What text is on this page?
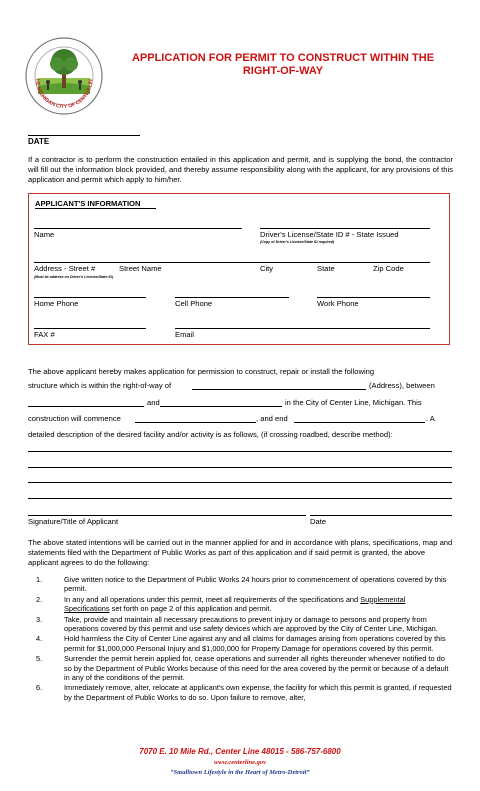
HE MICHIGAN CITY OF CENTER LIN
APPLICATION FOR PERMIT TO CONSTRUCT WITHIN THE
RIGHT-OF-WAY
DATE
If a contractor is to perform the construction entailed in this application and permit, and is supplying the bond, the contractor will fill out the information block provided, and thereby assume responsibility along with the applicant, for any provisions of this application and permit which apply to him/her.
APPLICANT'S INFORMATION
Name	Driver's License/State ID # - State Issued
(Copy of Driver's License/State ID required)
Address - Street #	Street Name	City	State	Zip Code
(Must be address on Driver's License/State ID)
Home Phone	Cell Phone	Work Phone
FAX #	Email
The above applicant hereby makes application for permission to construct, repair or install the following
structure which is within the right-of-way of	(Address), between
and	in the City of Center Line, Michigan. This
construction will commence	, and end	. A
detailed description of the desired facility and/or activity is as follows, (if crossing roadbed, describe method):
Signature/Title of Applicant	Date
The above stated intentions will be carried out in the manner applied for and in accordance with plans, specifications, map and statements filed with the Department of Public Works as part of this application and if said permit is granted, the above applicant agrees to do the following:
1.	Give written notice to the Department of Public Works 24 hours prior to commencement of operations covered by this permit.
2.	In any and all operations under this permit, meet all requirements of the specifications and Supplemental Specifications set forth on page 2 of this application and permit.
3.	Take, provide and maintain all necessary precautions to prevent injury or damage to persons and property from operations covered by this permit and use safety devices which are approved by the City of Center Line, Michigan.
4.	Hold harmless the City of Center Line against any and all claims for damages arising from operations covered by this permit for $1,000,000 Personal Injury and $1,000,000 for Property Damage for operations covered by this permit.
5.	Surrender the permit herein applied for, cease operations and surrender all rights thereunder whenever notified to do so by the Department of Public Works because of this need for the area covered by the permit or because of a default in any of the conditions of the permit.
6.	Immediately remove, alter, relocate at applicant's own expense, the facility for which this permit is granted, if requested by the Department of Public Works to do so. Upon failure to remove, alter,
7070 E. 10 Mile Rd., Center Line 48015 - 586-757-6800
www.centerline.gov
“Smalltown Lifestyle in the Heart of Metro-Detroit”
